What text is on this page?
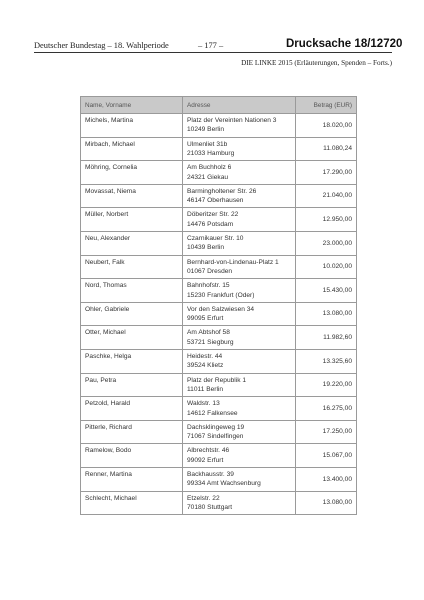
Deutscher Bundestag – 18. Wahlperiode	– 177 –	Drucksache 18/12720
DIE LINKE 2015 (Erläuterungen, Spenden – Forts.)
Name, Vorname	Adresse	Betrag (EUR)
Michels, Martina	Platz der Vereinten Nationen 3
10249 Berlin	18.020,00
Mirbach, Michael	Ulmenliet 31b
21033 Hamburg	11.080,24
Möhring, Cornelia	Am Buchholz 6
24321 Giekau	17.290,00
Movassat, Niema	Barmingholtener Str. 26
46147 Oberhausen	21.040,00
Müller, Norbert	Döberitzer Str. 22
14476 Potsdam	12.950,00
Neu, Alexander	Czarnikauer Str. 10
10439 Berlin	23.000,00
Neubert, Falk	Bernhard-von-Lindenau-Platz 1
01067 Dresden	10.020,00
Nord, Thomas	Bahnhofstr. 15
15230 Frankfurt (Oder)	15.430,00
Ohler, Gabriele	Vor den Salzwiesen 34
99095 Erfurt	13.080,00
Otter, Michael	Am Abtshof 58
53721 Siegburg	11.982,60
Paschke, Helga	Heidestr. 44
39524 Klietz	13.325,60
Pau, Petra	Platz der Republik 1
11011 Berlin	19.220,00
Petzold, Harald	Waldstr. 13
14612 Falkensee	16.275,00
Pitterle, Richard	Dachsklingeweg 19
71067 Sindelfingen	17.250,00
Ramelow, Bodo	Albrechtstr. 46
99092 Erfurt	15.067,00
Renner, Martina	Backhausstr. 39
99334 Amt Wachsenburg	13.400,00
Schlecht, Michael	Etzelstr. 22
70180 Stuttgart	13.080,00
